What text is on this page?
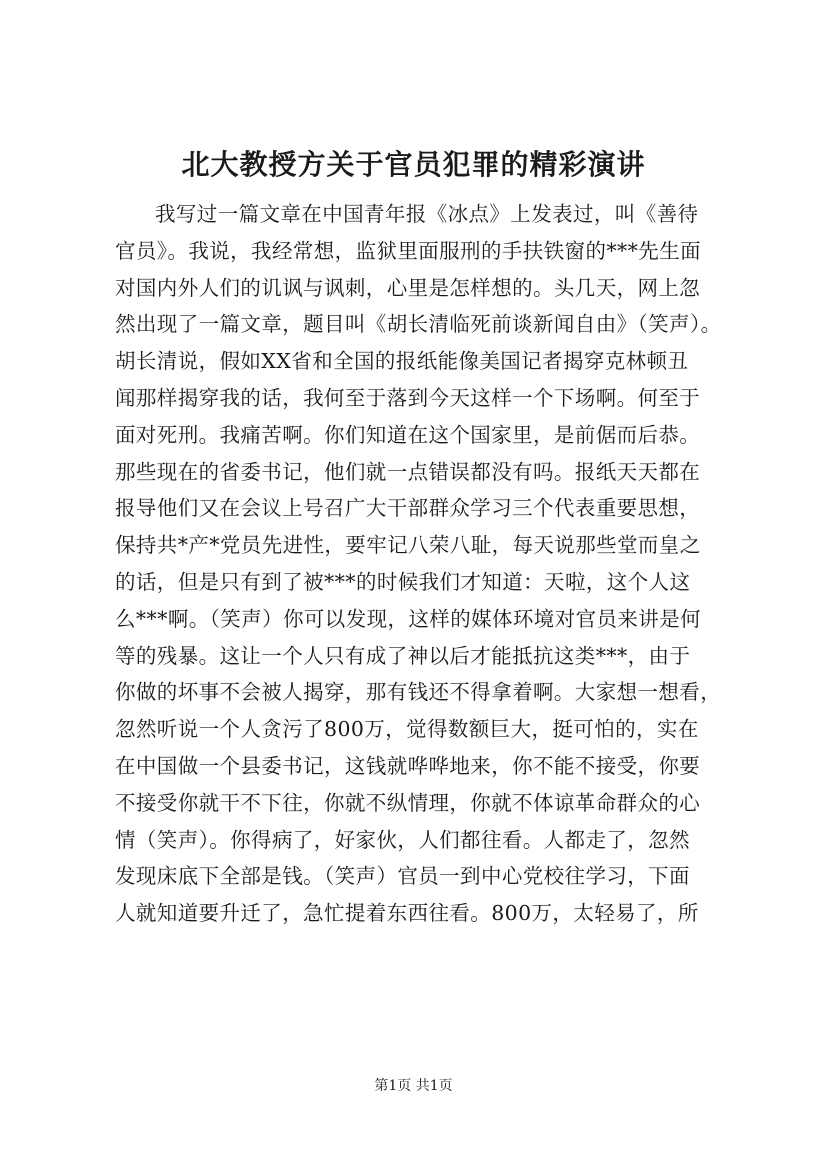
北大教授方关于官员犯罪的精彩演讲
我写过一篇文章在中国青年报《冰点》上发表过，叫《善待
官员》。我说，我经常想，监狱里面服刑的手扶铁窗的***先生面
对国内外人们的讥讽与讽刺，心里是怎样想的。头几天，网上忽
然出现了一篇文章，题目叫《胡长清临死前谈新闻自由》（笑声）。
胡长清说，假如XX省和全国的报纸能像美国记者揭穿克林顿丑
闻那样揭穿我的话，我何至于落到今天这样一个下场啊。何至于
面对死刑。我痛苦啊。你们知道在这个国家里，是前倨而后恭。
那些现在的省委书记，他们就一点错误都没有吗。报纸天天都在
报导他们又在会议上号召广大干部群众学习三个代表重要思想，
保持共*产*党员先进性，要牢记八荣八耻，每天说那些堂而皇之
的话，但是只有到了被***的时候我们才知道：天啦，这个人这
么***啊。（笑声）你可以发现，这样的媒体环境对官员来讲是何
等的残暴。这让一个人只有成了神以后才能抵抗这类***，由于
你做的坏事不会被人揭穿，那有钱还不得拿着啊。大家想一想看，
忽然听说一个人贪污了800万，觉得数额巨大，挺可怕的，实在
在中国做一个县委书记，这钱就哗哗地来，你不能不接受，你要
不接受你就干不下往，你就不纵情理，你就不体谅革命群众的心
情（笑声）。你得病了，好家伙，人们都往看。人都走了，忽然
发现床底下全部是钱。（笑声）官员一到中心党校往学习，下面
人就知道要升迁了，急忙提着东西往看。800万，太轻易了，所
第1页 共1页
